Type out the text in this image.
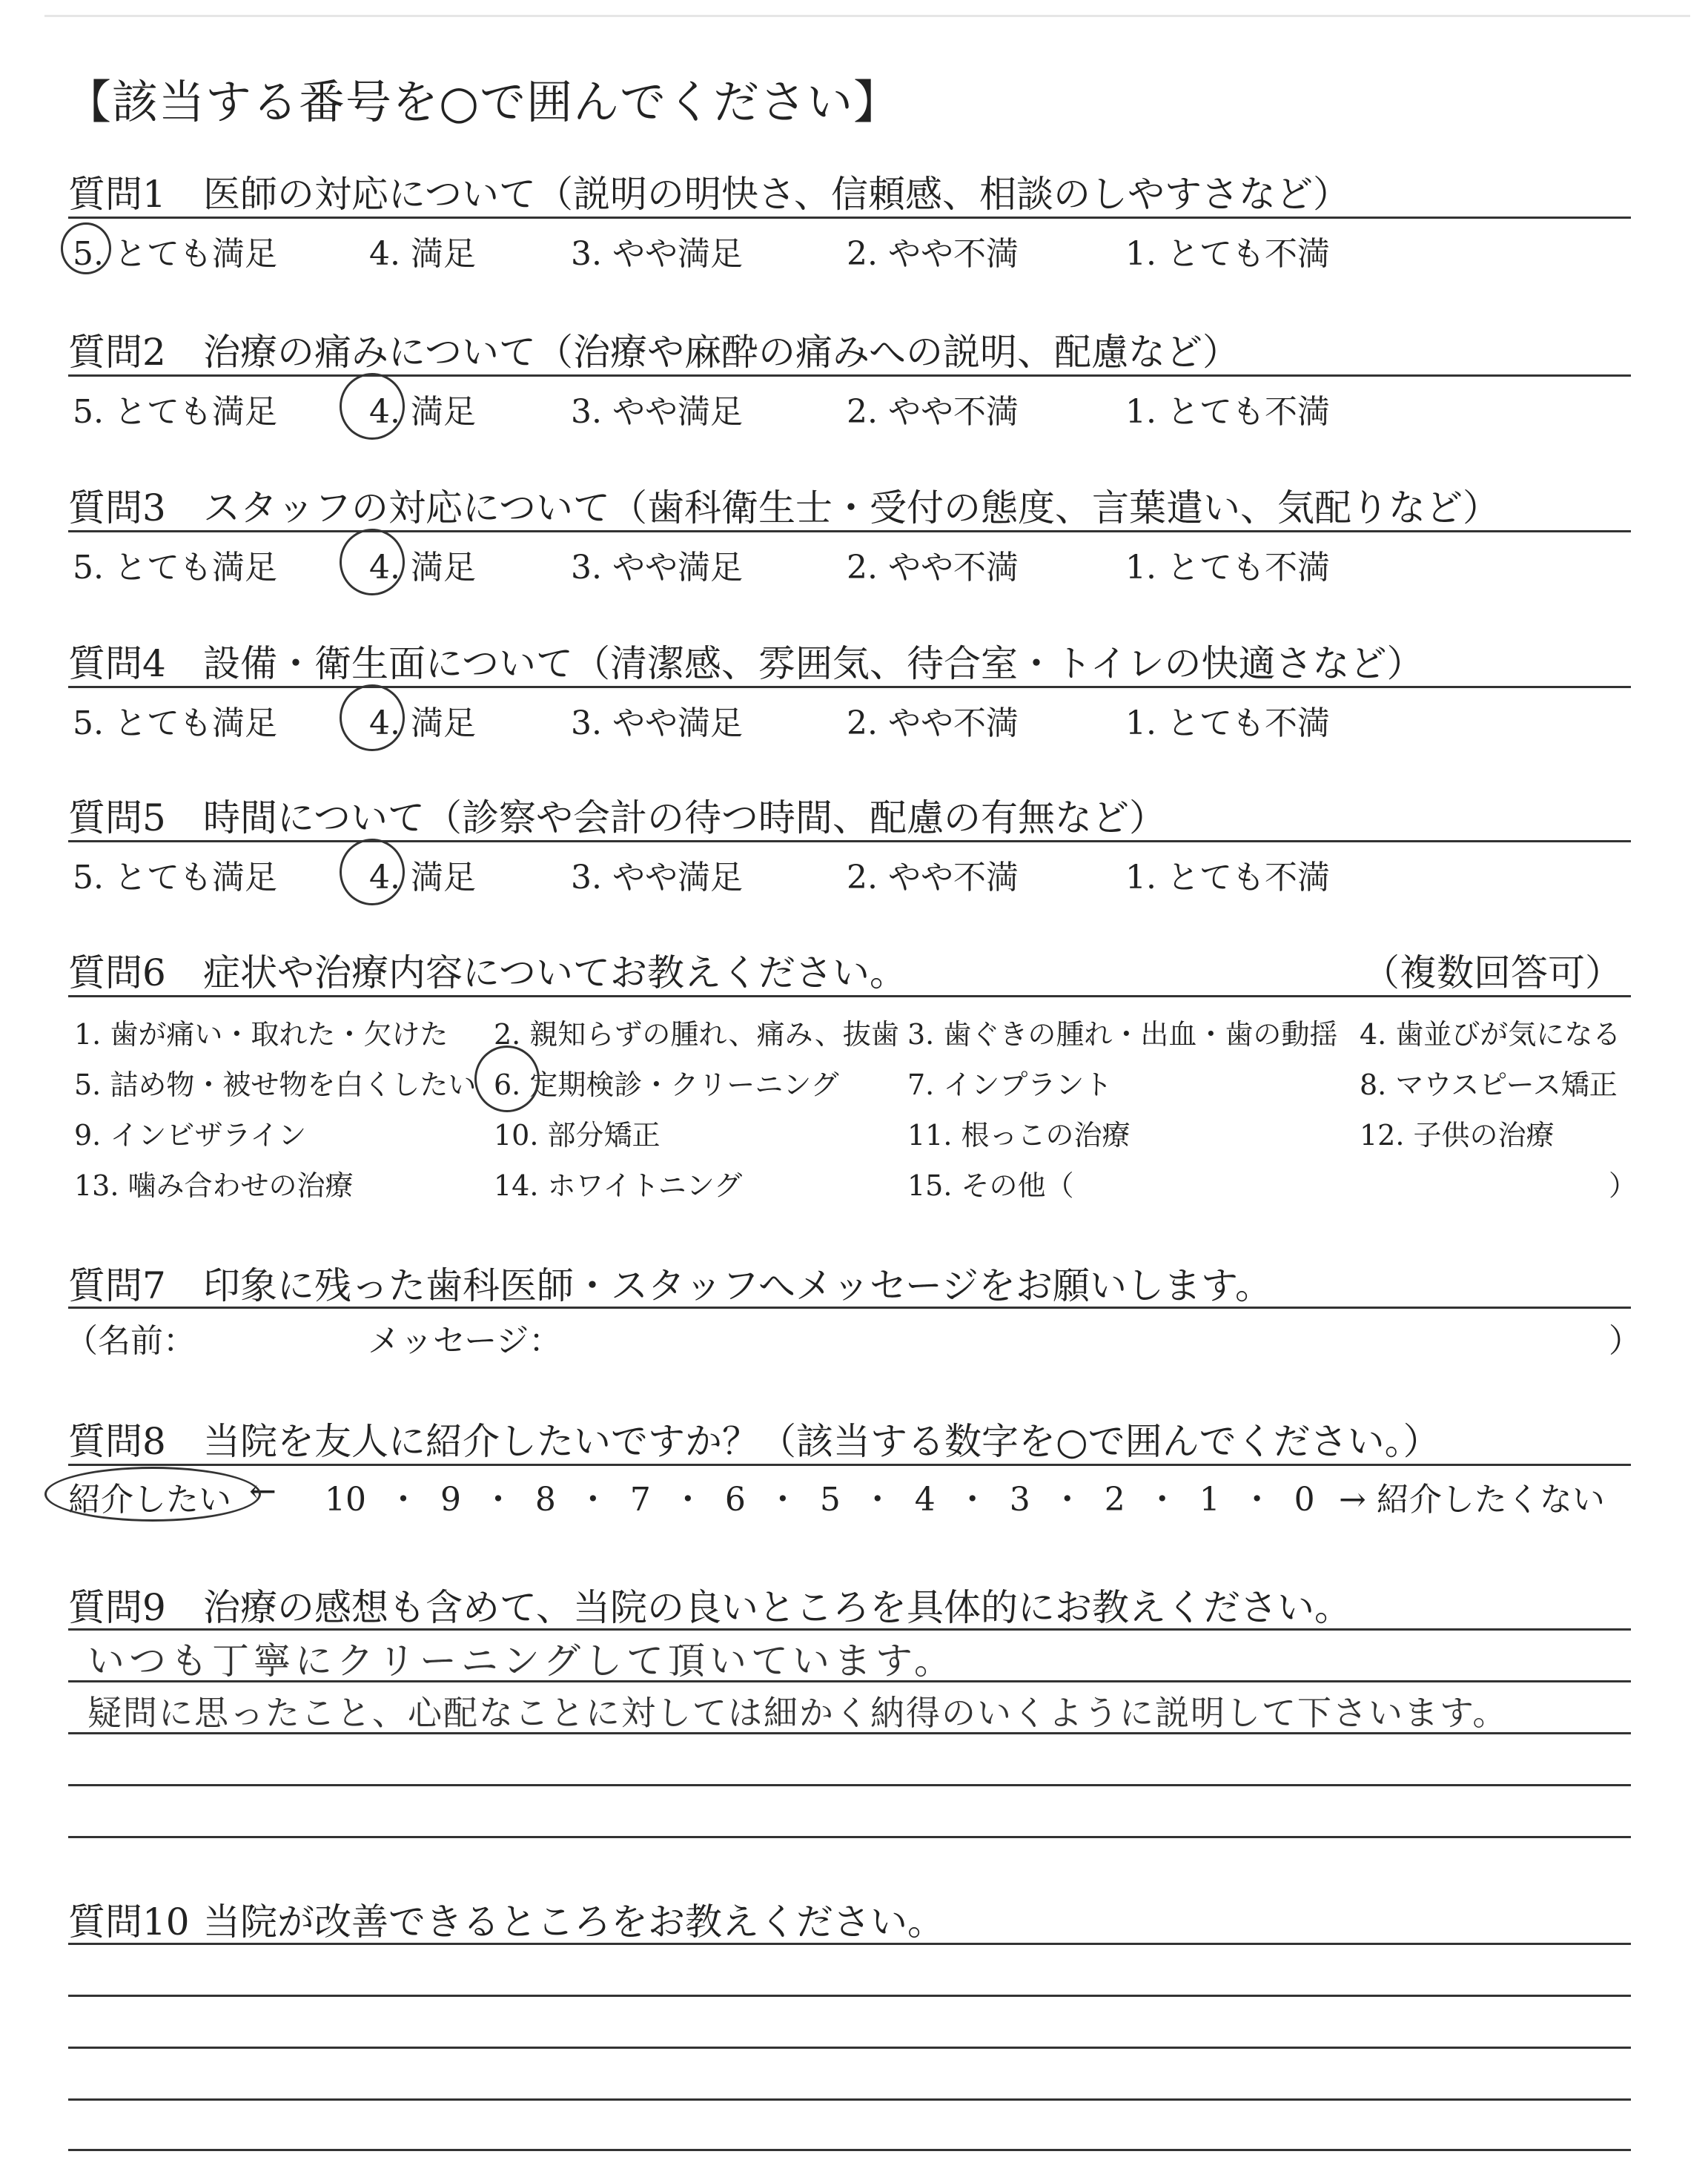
【該当する番号を○で囲んでください】
質問1 医師の対応について（説明の明快さ、信頼感、相談のしやすさなど）
5. とても満足	4. 満足	3. やや満足	2. やや不満	1. とても不満
質問2 治療の痛みについて（治療や麻酔の痛みへの説明、配慮など）
5. とても満足	4. 満足	3. やや満足	2. やや不満	1. とても不満
質問3 スタッフの対応について（歯科衛生士・受付の態度、言葉遣い、気配りなど）
5. とても満足	4. 満足	3. やや満足	2. やや不満	1. とても不満
質問4 設備・衛生面について（清潔感、雰囲気、待合室・トイレの快適さなど）
5. とても満足	4. 満足	3. やや満足	2. やや不満	1. とても不満
質問5 時間について（診察や会計の待つ時間、配慮の有無など）
5. とても満足	4. 満足	3. やや満足	2. やや不満	1. とても不満
質問6 症状や治療内容についてお教えください。	（複数回答可）
1. 歯が痛い・取れた・欠けた 2. 親知らずの腫れ、痛み、抜歯 3. 歯ぐきの腫れ・出血・歯の動揺 4. 歯並びが気になる
5. 詰め物・被せ物を白くしたい 6. 定期検診・クリーニング 7. インプラント	8. マウスピース矯正
9. インビザライン	10. 部分矯正	11. 根っこの治療	12. 子供の治療
13. 噛み合わせの治療	14. ホワイトニング	15. その他（	）
質問7 印象に残った歯科医師・スタッフへメッセージをお願いします。
（名前：	メッセージ：	）
質問8 当院を友人に紹介したいですか？（該当する数字を○で囲んでください。）
紹介したい ← 10 ・ 9 ・ 8 ・ 7 ・ 6 ・ 5 ・ 4 ・ 3 ・ 2 ・ 1 ・ 0 → 紹介したくない
質問9 治療の感想も含めて、当院の良いところを具体的にお教えください。
いつも丁寧にクリーニングして頂いています。
疑問に思ったこと、心配なことに対しては細かく納得のいくように説明して下さいます。
質問10 当院が改善できるところをお教えください。
